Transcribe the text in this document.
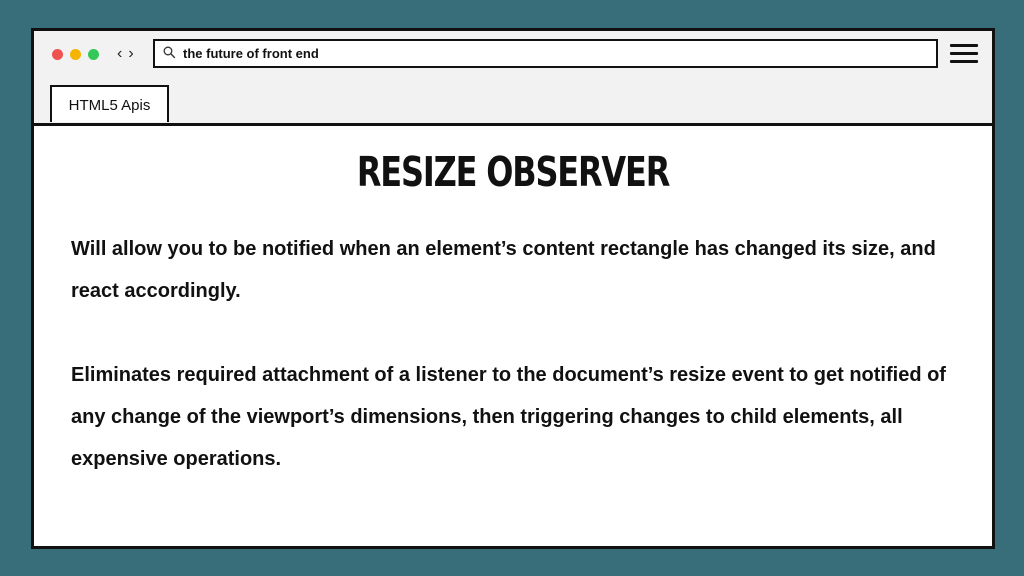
‹ ›
the future of front end
HTML5 Apis
RESIZE OBSERVER

Will allow you to be notified when an element’s content rectangle has changed its size, and react accordingly.

Eliminates required attachment of a listener to the document’s resize event to get notified of any change of the viewport’s dimensions, then triggering changes to child elements, all expensive operations.
